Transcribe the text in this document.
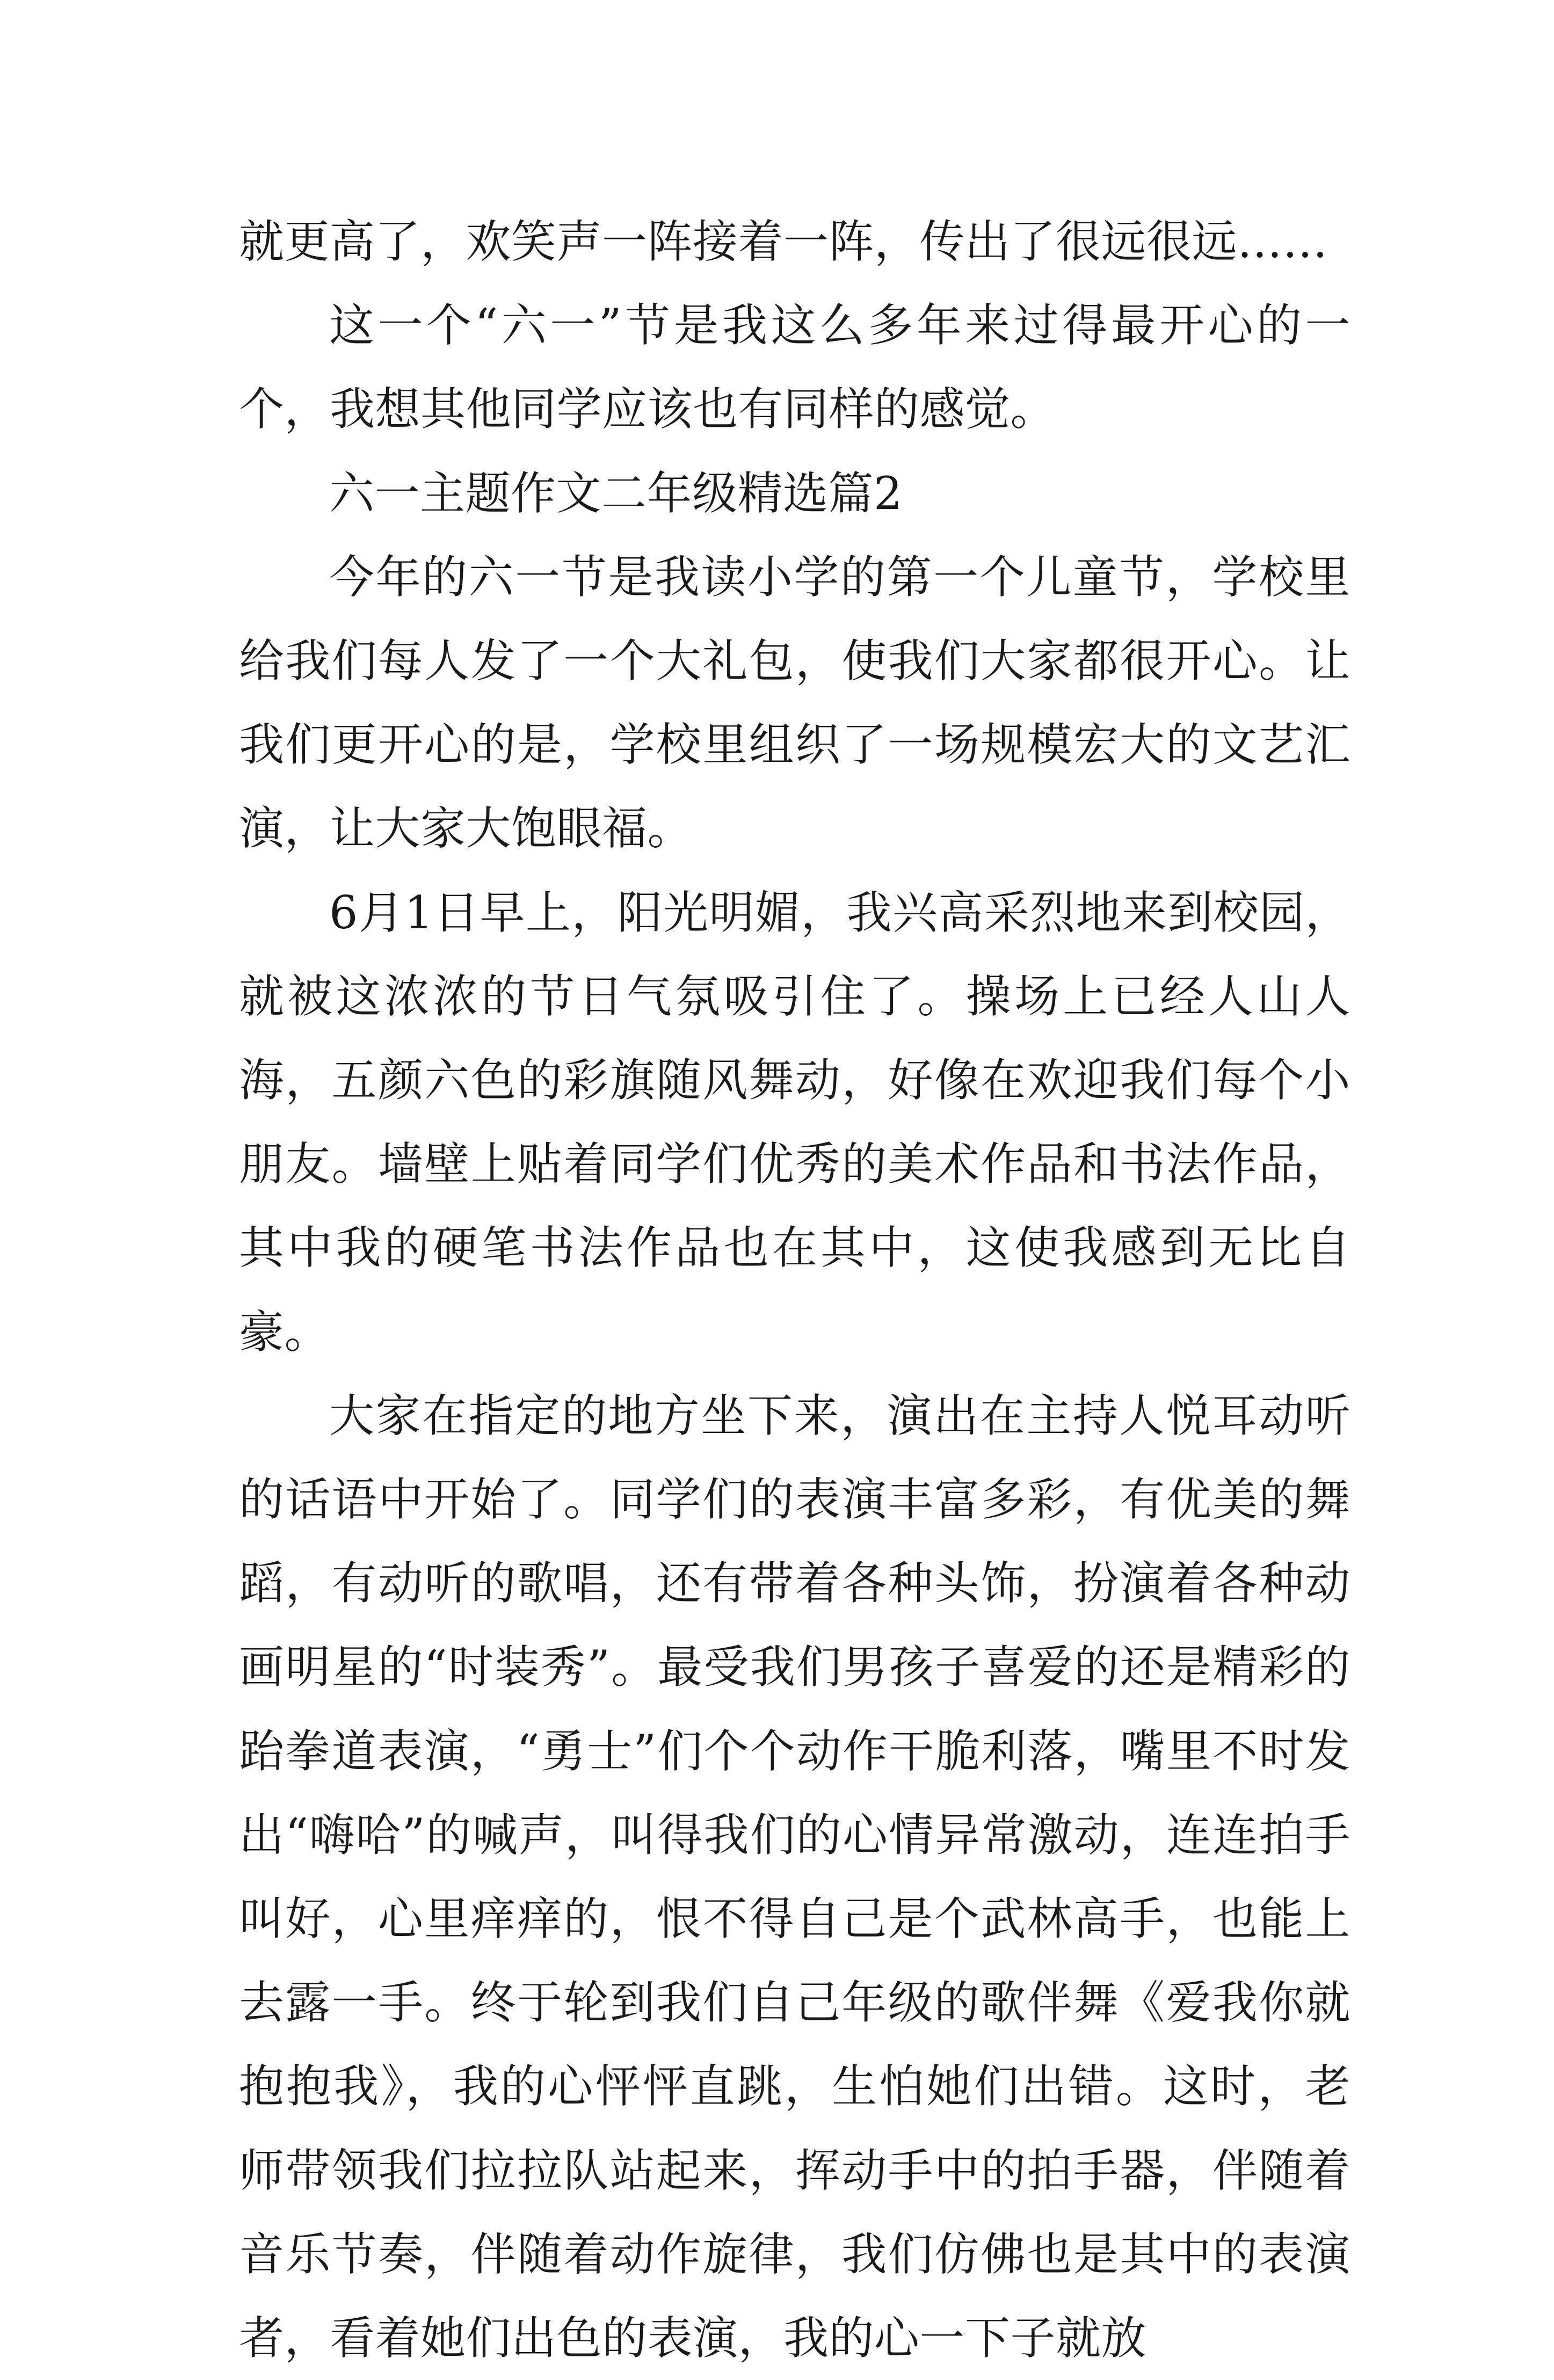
就更高了，欢笑声一阵接着一阵，传出了很远很远……

这一个“六一”节是我这么多年来过得最开心的一个，我想其他同学应该也有同样的感觉。

六一主题作文二年级精选篇2

今年的六一节是我读小学的第一个儿童节，学校里给我们每人发了一个大礼包，使我们大家都很开心。让我们更开心的是，学校里组织了一场规模宏大的文艺汇演，让大家大饱眼福。

6月1日早上，阳光明媚，我兴高采烈地来到校园，就被这浓浓的节日气氛吸引住了。操场上已经人山人海，五颜六色的彩旗随风舞动，好像在欢迎我们每个小朋友。墙壁上贴着同学们优秀的美术作品和书法作品，其中我的硬笔书法作品也在其中，这使我感到无比自豪。

大家在指定的地方坐下来，演出在主持人悦耳动听的话语中开始了。同学们的表演丰富多彩，有优美的舞蹈，有动听的歌唱，还有带着各种头饰，扮演着各种动画明星的“时装秀”。最受我们男孩子喜爱的还是精彩的跆拳道表演，“勇士”们个个动作干脆利落，嘴里不时发出“嗨哈”的喊声，叫得我们的心情异常激动，连连拍手叫好，心里痒痒的，恨不得自己是个武林高手，也能上去露一手。终于轮到我们自己年级的歌伴舞《爱我你就抱抱我》，我的心怦怦直跳，生怕她们出错。这时，老师带领我们拉拉队站起来，挥动手中的拍手器，伴随着音乐节奏，伴随着动作旋律，我们仿佛也是其中的表演者，看着她们出色的表演，我的心一下子就放
